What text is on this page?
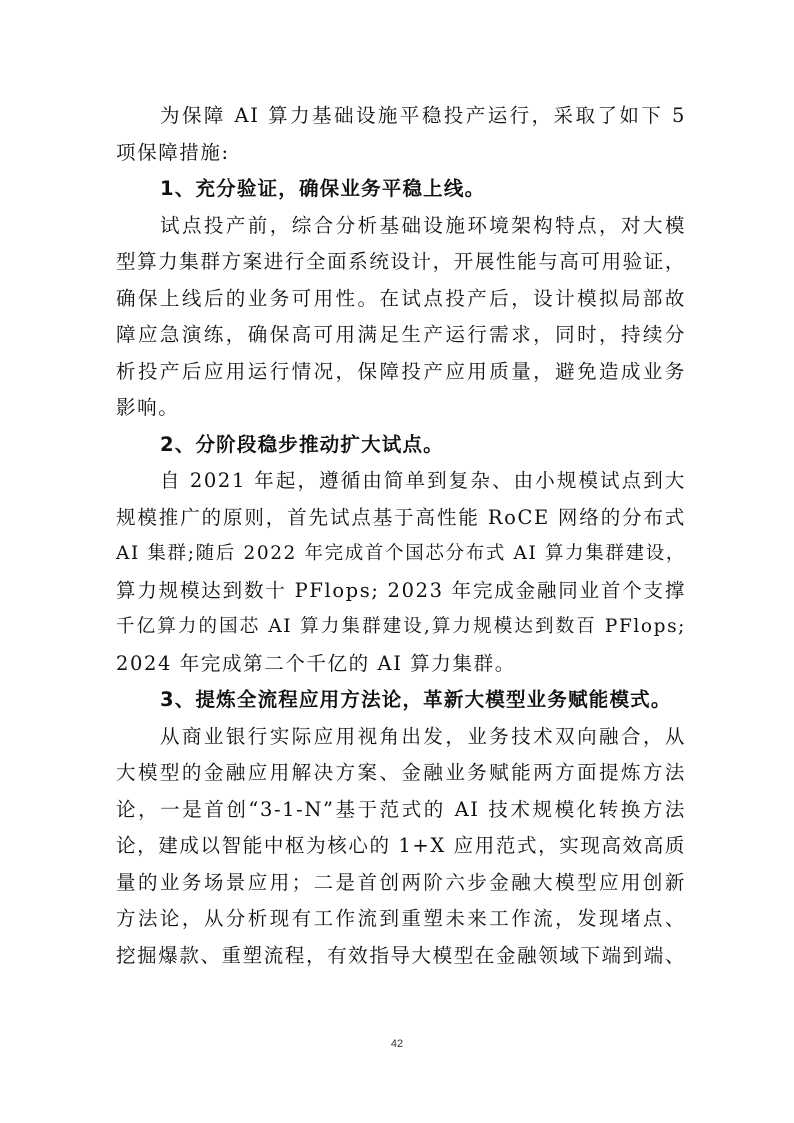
为保障 AI 算力基础设施平稳投产运行，采取了如下 5
项保障措施:
1、充分验证，确保业务平稳上线。
试点投产前，综合分析基础设施环境架构特点，对大模
型算力集群方案进行全面系统设计，开展性能与高可用验证，
确保上线后的业务可用性。在试点投产后，设计模拟局部故
障应急演练，确保高可用满足生产运行需求，同时，持续分
析投产后应用运行情况，保障投产应用质量，避免造成业务
影响。
2、分阶段稳步推动扩大试点。
自 2021 年起，遵循由简单到复杂、由小规模试点到大
规模推广的原则，首先试点基于高性能 RoCE 网络的分布式
AI 集群;随后 2022 年完成首个国芯分布式 AI 算力集群建设，
算力规模达到数十 PFlops; 2023 年完成金融同业首个支撑
千亿算力的国芯 AI 算力集群建设,算力规模达到数百 PFlops;
2024 年完成第二个千亿的 AI 算力集群。
3、提炼全流程应用方法论，革新大模型业务赋能模式。
从商业银行实际应用视角出发，业务技术双向融合，从
大模型的金融应用解决方案、金融业务赋能两方面提炼方法
论，一是首创“3-1-N”基于范式的 AI 技术规模化转换方法
论，建成以智能中枢为核心的 1+X 应用范式，实现高效高质
量的业务场景应用；二是首创两阶六步金融大模型应用创新
方法论，从分析现有工作流到重塑未来工作流，发现堵点、
挖掘爆款、重塑流程，有效指导大模型在金融领域下端到端、
42
